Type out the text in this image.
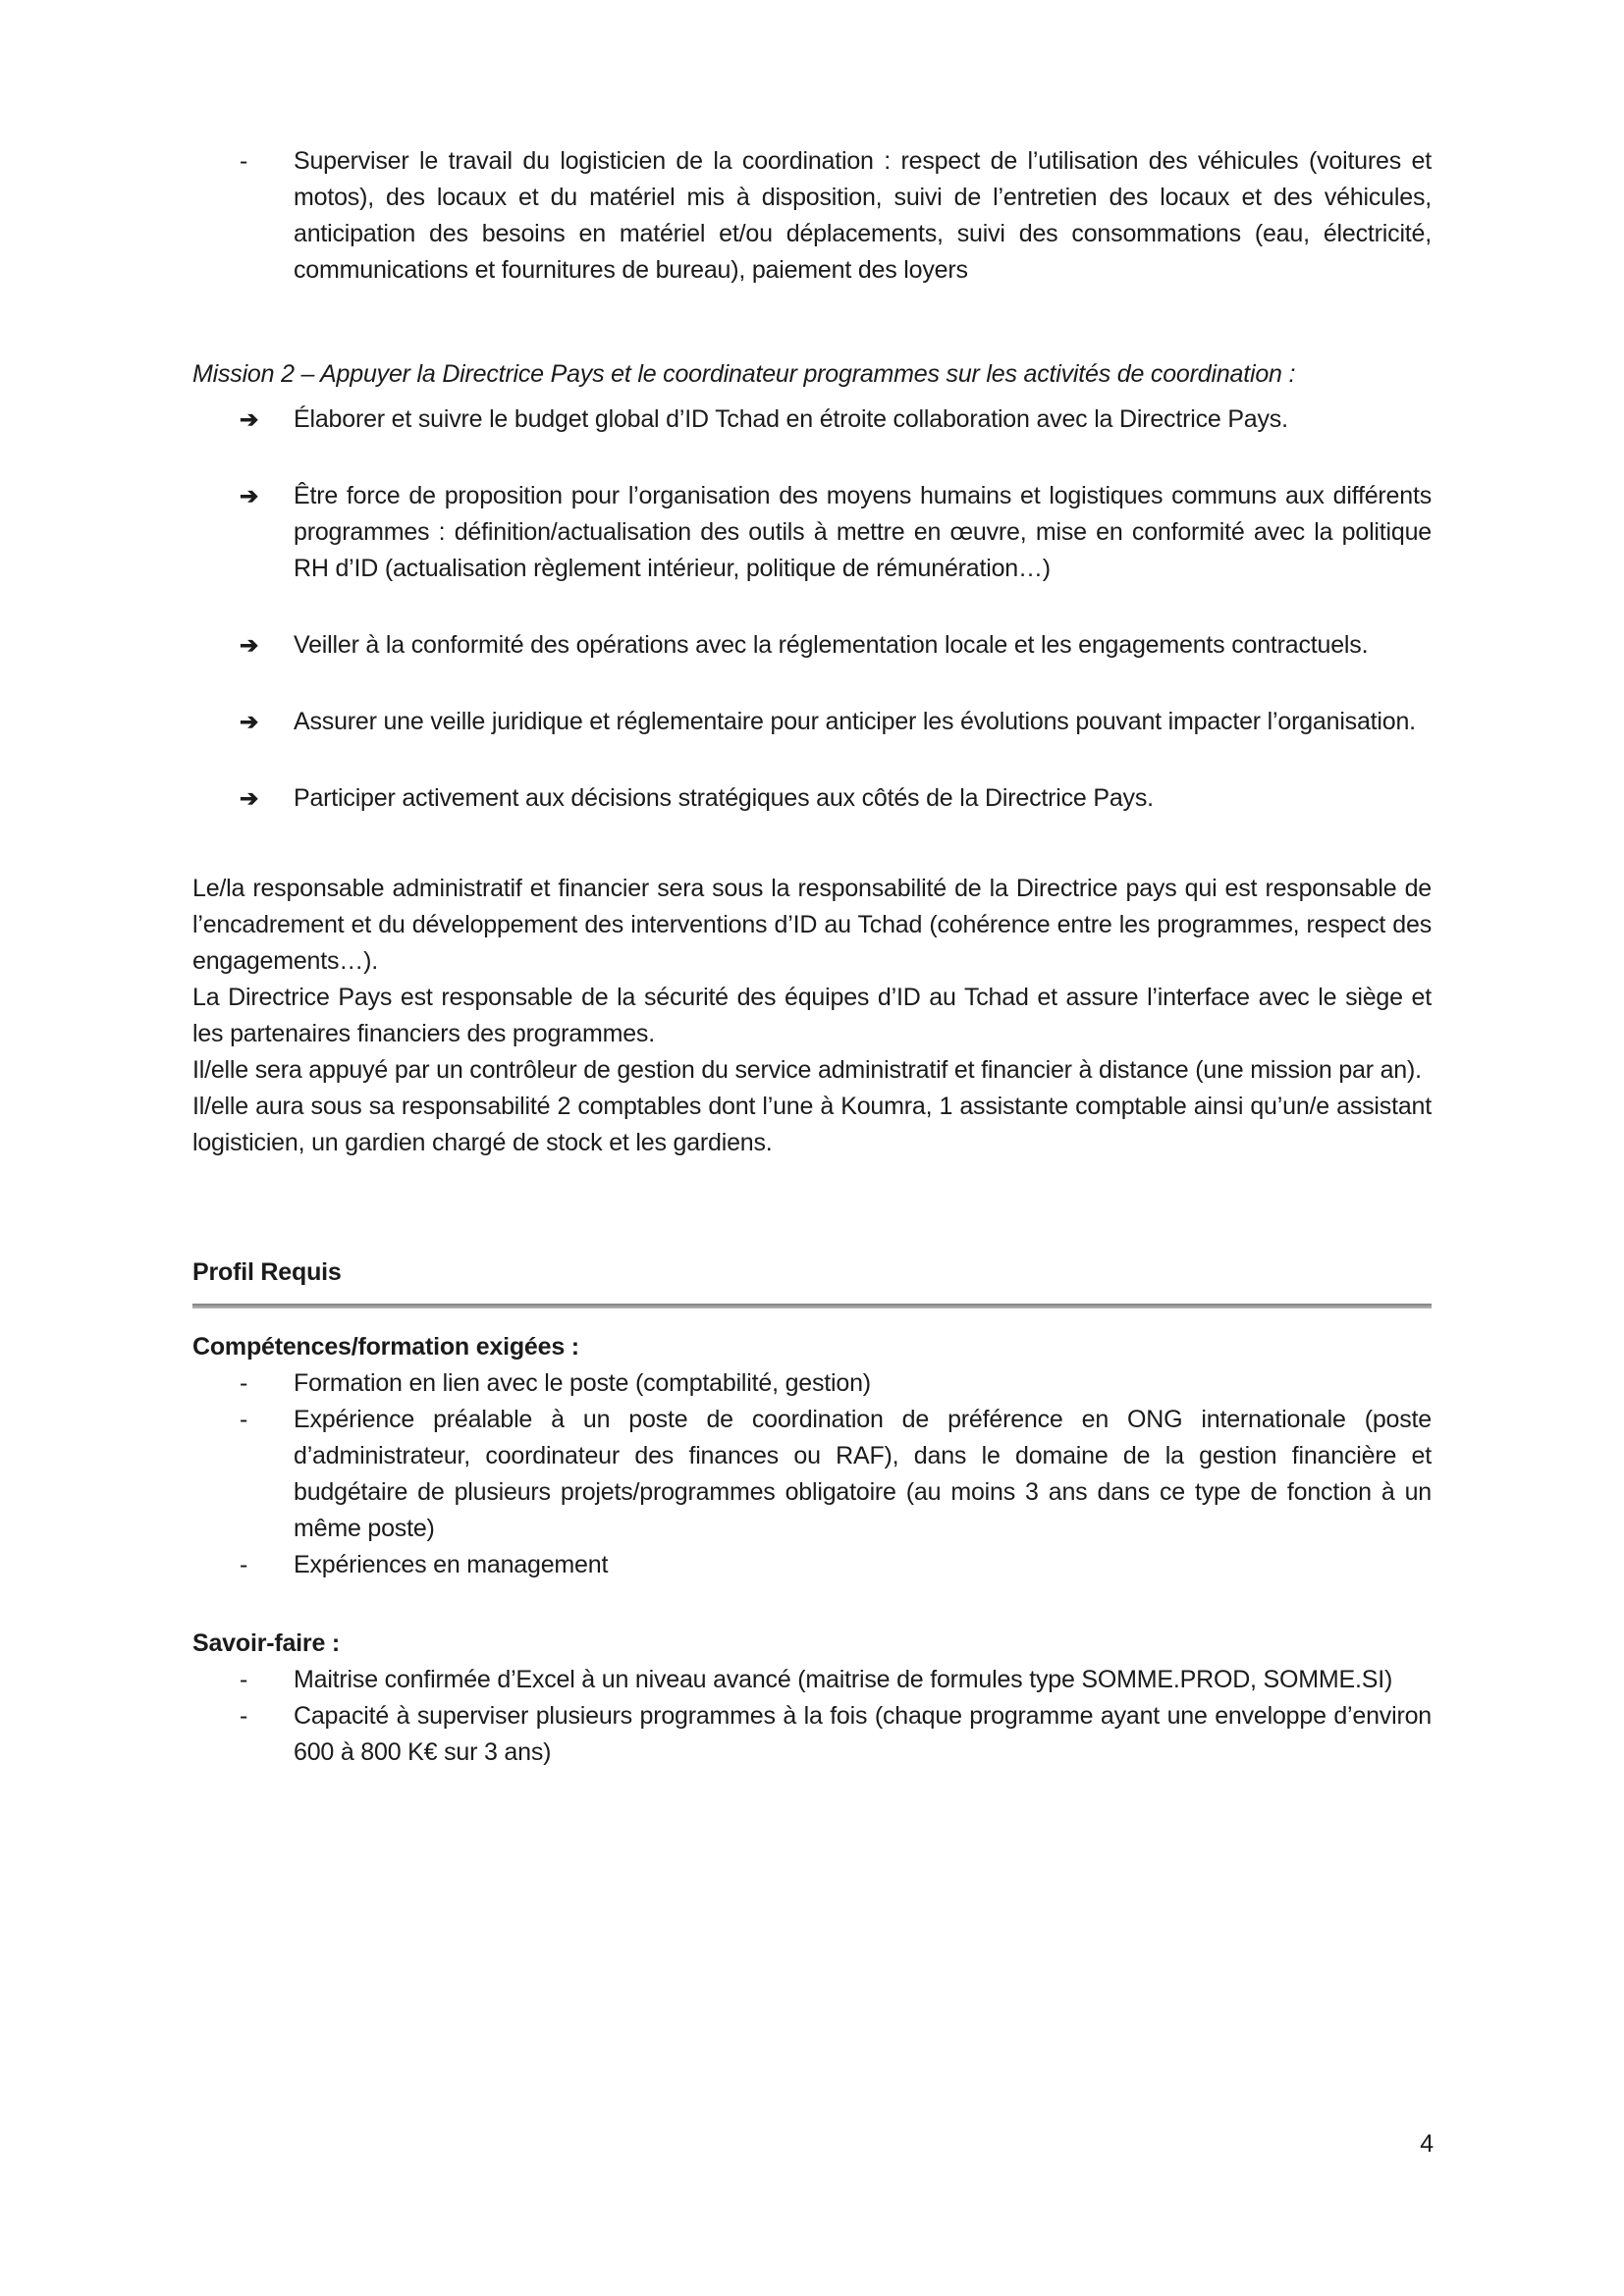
-	Superviser le travail du logisticien de la coordination : respect de l’utilisation des véhicules (voitures et motos), des locaux et du matériel mis à disposition, suivi de l’entretien des locaux et des véhicules, anticipation des besoins en matériel et/ou déplacements, suivi des consommations (eau, électricité, communications et fournitures de bureau), paiement des loyers

Mission 2 – Appuyer la Directrice Pays et le coordinateur programmes sur les activités de coordination :

➔	Élaborer et suivre le budget global d’ID Tchad en étroite collaboration avec la Directrice Pays.
➔	Être force de proposition pour l’organisation des moyens humains et logistiques communs aux différents programmes : définition/actualisation des outils à mettre en œuvre, mise en conformité avec la politique RH d’ID (actualisation règlement intérieur, politique de rémunération…)
➔	Veiller à la conformité des opérations avec la réglementation locale et les engagements contractuels.
➔	Assurer une veille juridique et réglementaire pour anticiper les évolutions pouvant impacter l’organisation.
➔	Participer activement aux décisions stratégiques aux côtés de la Directrice Pays.

Le/la responsable administratif et financier sera sous la responsabilité de la Directrice pays qui est responsable de l’encadrement et du développement des interventions d’ID au Tchad (cohérence entre les programmes, respect des engagements…).

La Directrice Pays est responsable de la sécurité des équipes d’ID au Tchad et assure l’interface avec le siège et les partenaires financiers des programmes.

Il/elle sera appuyé par un contrôleur de gestion du service administratif et financier à distance (une mission par an).

Il/elle aura sous sa responsabilité 2 comptables dont l’une à Koumra, 1 assistante comptable ainsi qu’un/e assistant logisticien, un gardien chargé de stock et les gardiens.

Profil Requis

Compétences/formation exigées :

-	Formation en lien avec le poste (comptabilité, gestion)
-	Expérience préalable à un poste de coordination de préférence en ONG internationale (poste d’administrateur, coordinateur des finances ou RAF), dans le domaine de la gestion financière et budgétaire de plusieurs projets/programmes obligatoire (au moins 3 ans dans ce type de fonction à un même poste)
-	Expériences en management

Savoir-faire :

-	Maitrise confirmée d’Excel à un niveau avancé (maitrise de formules type SOMME.PROD, SOMME.SI)
-	Capacité à superviser plusieurs programmes à la fois (chaque programme ayant une enveloppe d’environ 600 à 800 K€ sur 3 ans)
4
